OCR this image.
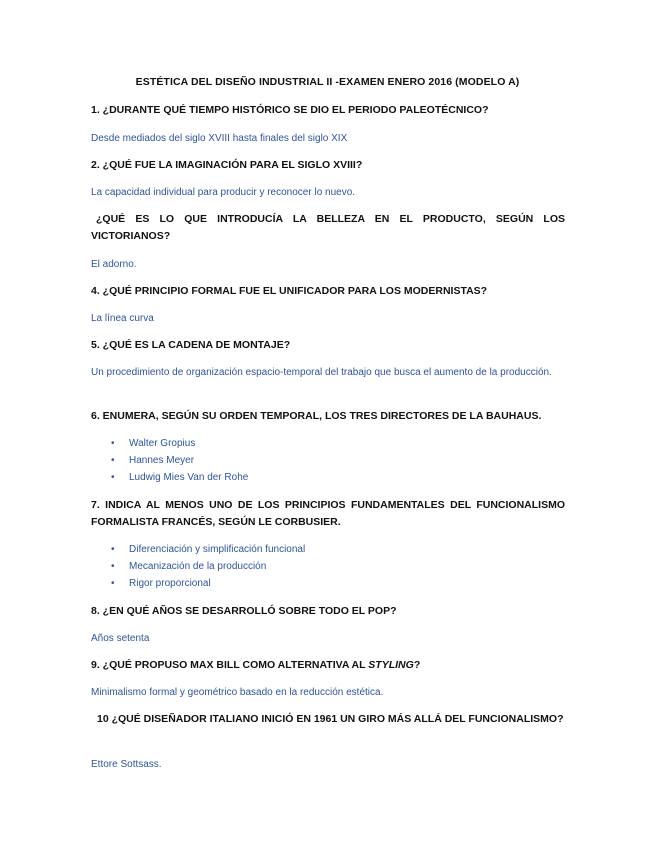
ESTÉTICA DEL DISEÑO INDUSTRIAL II -EXAMEN ENERO 2016 (MODELO A)
1. ¿DURANTE QUÉ TIEMPO HISTÓRICO SE DIO EL PERIODO PALEOTÉCNICO?
Desde mediados del siglo XVIII hasta finales del siglo XIX
2. ¿QUÉ FUE LA IMAGINACIÓN PARA EL SIGLO XVIII?
La capacidad individual para producir y reconocer lo nuevo.
¿QUÉ ES LO QUE INTRODUCÍA LA BELLEZA EN EL PRODUCTO, SEGÚN LOS VICTORIANOS?
El adorno.
4. ¿QUÉ PRINCIPIO FORMAL FUE EL UNIFICADOR PARA LOS MODERNISTAS?
La línea curva
5. ¿QUÉ ES LA CADENA DE MONTAJE?
Un procedimiento de organización espacio-temporal del trabajo que busca el aumento de la producción.
6. ENUMERA, SEGÚN SU ORDEN TEMPORAL, LOS TRES DIRECTORES DE LA BAUHAUS.
• Walter Gropius
• Hannes Meyer
• Ludwig Mies Van der Rohe
7. INDICA AL MENOS UNO DE LOS PRINCIPIOS FUNDAMENTALES DEL FUNCIONALISMO FORMALISTA FRANCÉS, SEGÚN LE CORBUSIER.
• Diferenciación y simplificación funcional
• Mecanización de la producción
• Rigor proporcional
8. ¿EN QUÉ AÑOS SE DESARROLLÓ SOBRE TODO EL POP?
Años setenta
9. ¿QUÉ PROPUSO MAX BILL COMO ALTERNATIVA AL STYLING?
Minimalismo formal y geométrico basado en la reducción estética.
10 ¿QUÉ DISEÑADOR ITALIANO INICIÓ EN 1961 UN GIRO MÁS ALLÁ DEL FUNCIONALISMO?
Ettore Sottsass.
